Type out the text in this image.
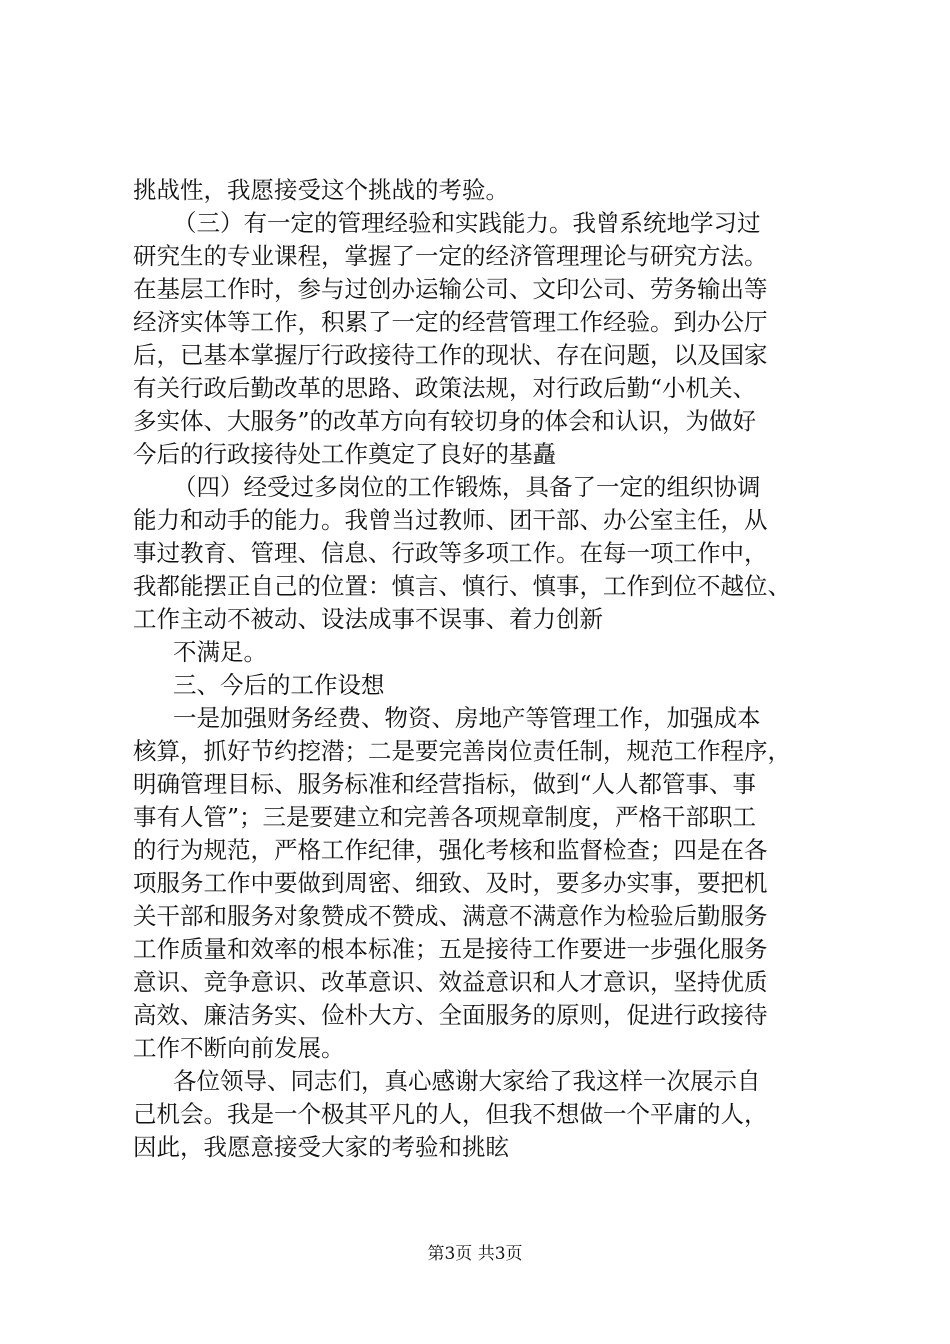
挑战性，我愿接受这个挑战的考验。
（三）有一定的管理经验和实践能力。我曾系统地学习过
研究生的专业课程，掌握了一定的经济管理理论与研究方法。
在基层工作时，参与过创办运输公司、文印公司、劳务输出等
经济实体等工作，积累了一定的经营管理工作经验。到办公厅
后，已基本掌握厅行政接待工作的现状、存在问题，以及国家
有关行政后勤改革的思路、政策法规，对行政后勤“小机关、
多实体、大服务”的改革方向有较切身的体会和认识，为做好
今后的行政接待处工作奠定了良好的基矗
（四）经受过多岗位的工作锻炼，具备了一定的组织协调
能力和动手的能力。我曾当过教师、团干部、办公室主任，从
事过教育、管理、信息、行政等多项工作。在每一项工作中，
我都能摆正自己的位置：慎言、慎行、慎事，工作到位不越位、
工作主动不被动、设法成事不误事、着力创新
不满足。
三、今后的工作设想
一是加强财务经费、物资、房地产等管理工作，加强成本
核算，抓好节约挖潜；二是要完善岗位责任制，规范工作程序，
明确管理目标、服务标准和经营指标，做到“人人都管事、事
事有人管”；三是要建立和完善各项规章制度，严格干部职工
的行为规范，严格工作纪律，强化考核和监督检查；四是在各
项服务工作中要做到周密、细致、及时，要多办实事，要把机
关干部和服务对象赞成不赞成、满意不满意作为检验后勤服务
工作质量和效率的根本标准；五是接待工作要进一步强化服务
意识、竞争意识、改革意识、效益意识和人才意识，坚持优质
高效、廉洁务实、俭朴大方、全面服务的原则，促进行政接待
工作不断向前发展。
各位领导、同志们，真心感谢大家给了我这样一次展示自
己机会。我是一个极其平凡的人，但我不想做一个平庸的人，
因此，我愿意接受大家的考验和挑眩
第3页 共3页
